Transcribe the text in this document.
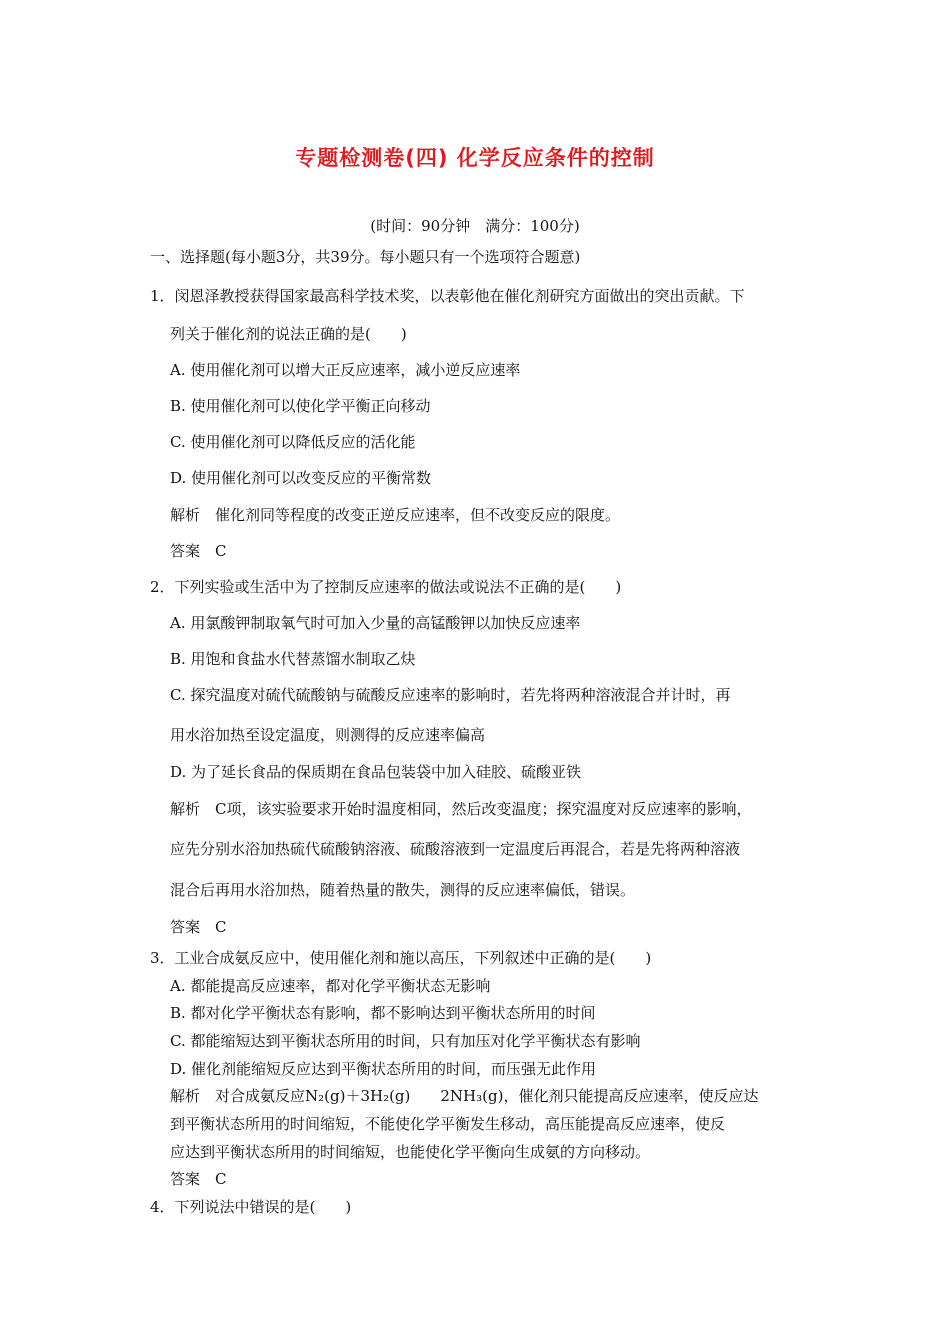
专题检测卷(四) 化学反应条件的控制
(时间：90分钟　满分：100分)
一、选择题(每小题3分，共39分。每小题只有一个选项符合题意)
1．闵恩泽教授获得国家最高科学技术奖，以表彰他在催化剂研究方面做出的突出贡献。下
列关于催化剂的说法正确的是(　　)
A. 使用催化剂可以增大正反应速率，减小逆反应速率
B. 使用催化剂可以使化学平衡正向移动
C. 使用催化剂可以降低反应的活化能
D. 使用催化剂可以改变反应的平衡常数
解析　催化剂同等程度的改变正逆反应速率，但不改变反应的限度。
答案　C
2．下列实验或生活中为了控制反应速率的做法或说法不正确的是(　　)
A. 用氯酸钾制取氧气时可加入少量的高锰酸钾以加快反应速率
B. 用饱和食盐水代替蒸馏水制取乙炔
C. 探究温度对硫代硫酸钠与硫酸反应速率的影响时，若先将两种溶液混合并计时，再
用水浴加热至设定温度，则测得的反应速率偏高
D. 为了延长食品的保质期在食品包装袋中加入硅胶、硫酸亚铁
解析　C项，该实验要求开始时温度相同，然后改变温度；探究温度对反应速率的影响，
应先分别水浴加热硫代硫酸钠溶液、硫酸溶液到一定温度后再混合，若是先将两种溶液
混合后再用水浴加热，随着热量的散失，测得的反应速率偏低，错误。
答案　C
3．工业合成氨反应中，使用催化剂和施以高压，下列叙述中正确的是(　　)
A. 都能提高反应速率，都对化学平衡状态无影响
B. 都对化学平衡状态有影响，都不影响达到平衡状态所用的时间
C. 都能缩短达到平衡状态所用的时间，只有加压对化学平衡状态有影响
D. 催化剂能缩短反应达到平衡状态所用的时间，而压强无此作用
解析　对合成氨反应N₂(g)＋3H₂(g)　　2NH₃(g)，催化剂只能提高反应速率，使反应达
到平衡状态所用的时间缩短，不能使化学平衡发生移动，高压能提高反应速率，使反
应达到平衡状态所用的时间缩短，也能使化学平衡向生成氨的方向移动。
答案　C
4．下列说法中错误的是(　　)
